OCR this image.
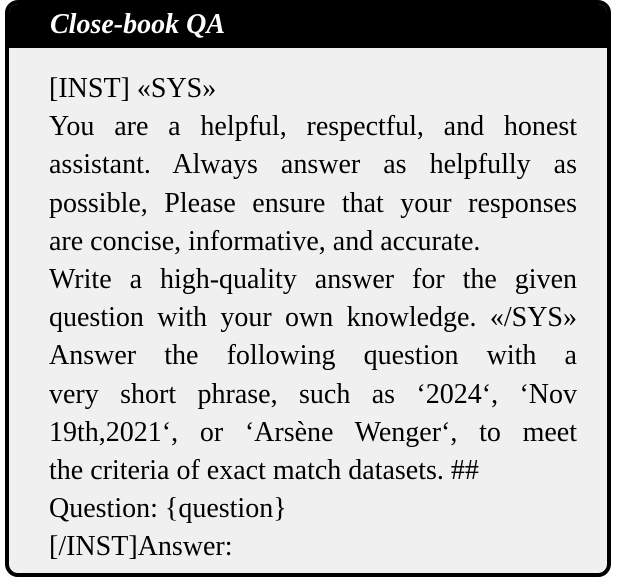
Close-book QA
[INST] «SYS»
You are a helpful, respectful, and honest
assistant. Always answer as helpfully as
possible, Please ensure that your responses
are concise, informative, and accurate.
Write a high-quality answer for the given
question with your own knowledge. «/SYS»
Answer the following question with a
very short phrase, such as ‘2024‘, ‘Nov
19th,2021‘, or ‘Arsène Wenger‘, to meet
the criteria of exact match datasets. ##
Question: {question}
[/INST]Answer:
